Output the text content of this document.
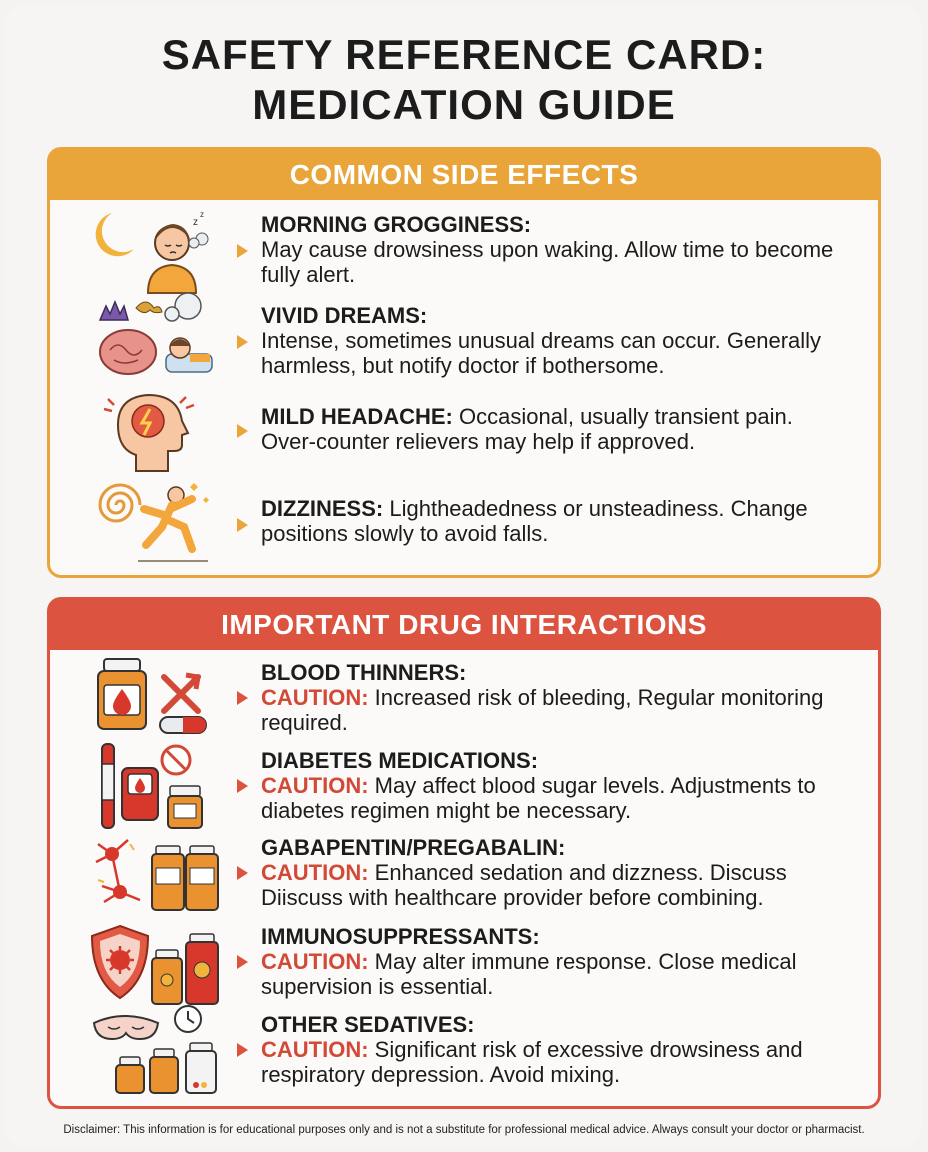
SAFETY REFERENCE CARD:
MEDICATION GUIDE
COMMON SIDE EFFECTS
z
z	MORNING GROGGINESS:
May cause drowsiness upon waking. Allow time to become fully alert.
VIVID DREAMS:
Intense, sometimes unusual dreams can occur. Generally harmless, but notify doctor if bothersome.
MILD HEADACHE: Occasional, usually transient pain. Over-counter relievers may help if approved.
DIZZINESS: Lightheadedness or unsteadiness. Change positions slowly to avoid falls.
IMPORTANT DRUG INTERACTIONS
BLOOD THINNERS:
CAUTION: Increased risk of bleeding, Regular monitoring required.
DIABETES MEDICATIONS:
CAUTION: May affect blood sugar levels. Adjustments to diabetes regimen might be necessary.
GABAPENTIN/PREGABALIN:
CAUTION: Enhanced sedation and dizzness. Discuss Diiscuss with healthcare provider before combining.
IMMUNOSUPPRESSANTS:
CAUTION: May alter immune response. Close medical supervision is essential.
OTHER SEDATIVES:
CAUTION: Significant risk of excessive drowsiness and respiratory depression. Avoid mixing.
Disclaimer: This information is for educational purposes only and is not a substitute for professional medical advice. Always consult your doctor or pharmacist.
